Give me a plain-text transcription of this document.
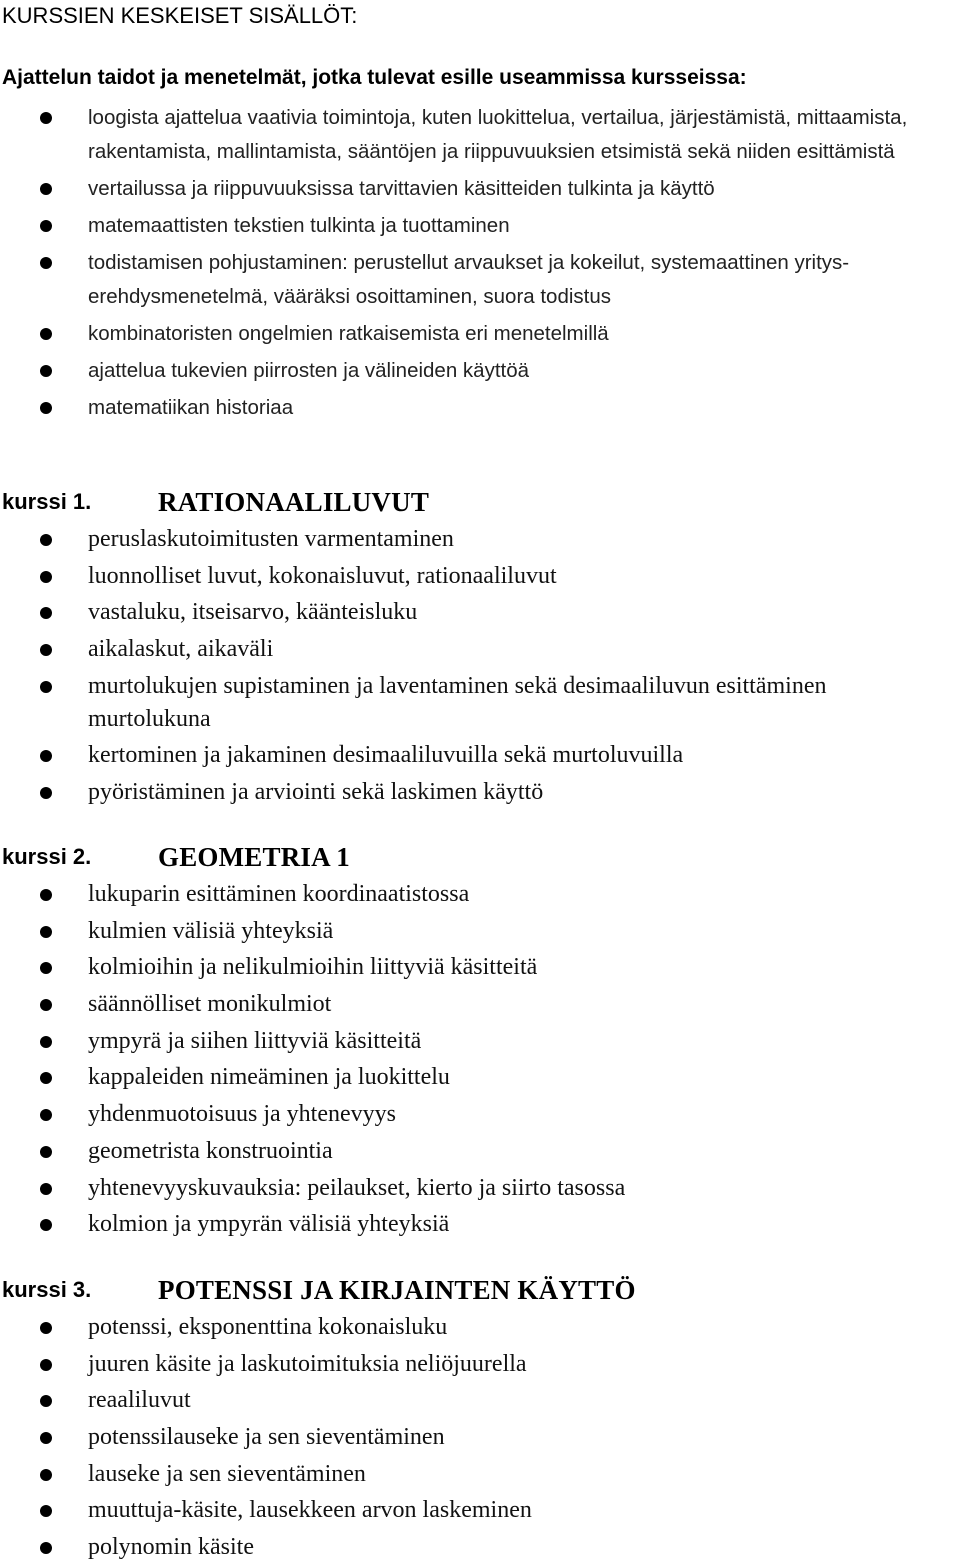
KURSSIEN KESKEISET SISÄLLÖT:
Ajattelun taidot ja menetelmät, jotka tulevat esille useammissa kursseissa:
loogista ajattelua vaativia toimintoja, kuten luokittelua, vertailua, järjestämistä, mittaamista, rakentamista, mallintamista, sääntöjen ja riippuvuuksien etsimistä sekä niiden esittämistä
vertailussa ja riippuvuuksissa tarvittavien käsitteiden tulkinta ja käyttö
matemaattisten tekstien tulkinta ja tuottaminen
todistamisen pohjustaminen: perustellut arvaukset ja kokeilut, systemaattinen yritys-erehdysmenetelmä, vääräksi osoittaminen, suora todistus
kombinatoristen ongelmien ratkaisemista eri menetelmillä
ajattelua tukevien piirrosten ja välineiden käyttöä
matematiikan historiaa
kurssi 1. RATIONAALILUVUT
peruslaskutoimitusten varmentaminen
luonnolliset luvut, kokonaisluvut, rationaaliluvut
vastaluku, itseisarvo, käänteisluku
aikalaskut, aikaväli
murtolukujen supistaminen ja laventaminen sekä desimaaliluvun esittäminen murtolukuna
kertominen ja jakaminen desimaaliluvuilla sekä murtoluvuilla
pyöristäminen ja arviointi sekä laskimen käyttö
kurssi 2. GEOMETRIA 1
lukuparin esittäminen koordinaatistossa
kulmien välisiä yhteyksiä
kolmioihin ja nelikulmioihin liittyviä käsitteitä
säännölliset monikulmiot
ympyrä ja siihen liittyviä käsitteitä
kappaleiden nimeäminen ja luokittelu
yhdenmuotoisuus ja yhtenevyys
geometrista konstruointia
yhtenevyyskuvauksia: peilaukset, kierto ja siirto tasossa
kolmion ja ympyrän välisiä yhteyksiä
kurssi 3. POTENSSI JA KIRJAINTEN KÄYTTÖ
potenssi, eksponenttina kokonaisluku
juuren käsite ja laskutoimituksia neliöjuurella
reaaliluvut
potenssilauseke ja sen sieventäminen
lauseke ja sen sieventäminen
muuttuja-käsite, lausekkeen arvon laskeminen
polynomin käsite
